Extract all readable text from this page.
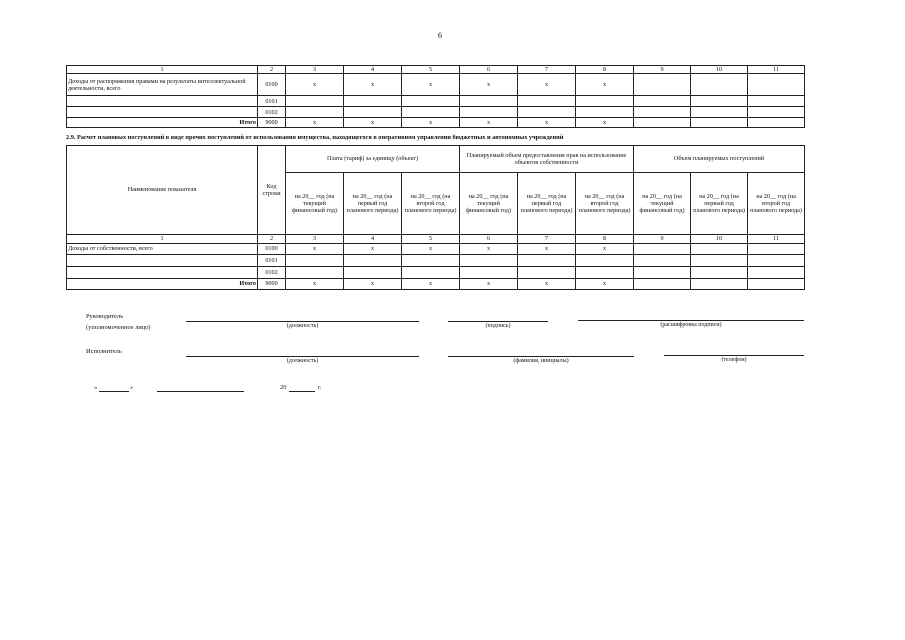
6
1	2	3	4	5	6	7	8	9	10	11
Доходы от распоряжения правами на результаты интеллектуальной деятельности, всего	0100	x	x	x	x	x	x			
	0101									
	0102									
Итого	9000	x	x	x	x	x	x			
2.9. Расчет плановых поступлений в виде прочих поступлений от использования имущества, находящегося в оперативном управлении бюджетных и автономных учреждений
Наименование показателя	Код строки	Плата (тариф) за единицу (объект)			Планируемый объем предоставления прав на использование объектов собственности			Объем планируемых поступлений		
		на 20__ год (на текущий финансовый год)	на 20__ год (на первый год планового периода)	на 20__ год (на второй год планового периода)	на 20__ год (на текущий финансовый год)	на 20__ год (на первый год планового периода)	на 20__ год (на второй год планового периода)	на 20__ год (на текущий финансовый год)	на 20__ год (на первый год планового периода)	на 20__ год (на второй год планового периода)
1	2	3	4	5	6	7	8	9	10	11
Доходы от собственности, всего	0100	x	x	x	x	x	x			
	0101									
	0102									
Итого	9000	x	x	x	x	x	x			
Руководитель
(уполномоченное лицо)	(должность)	(подпись)	(расшифровка подписи)
Исполнитель
(должность)	(фамилия, инициалы)	(телефон)
«	»	20	г.
